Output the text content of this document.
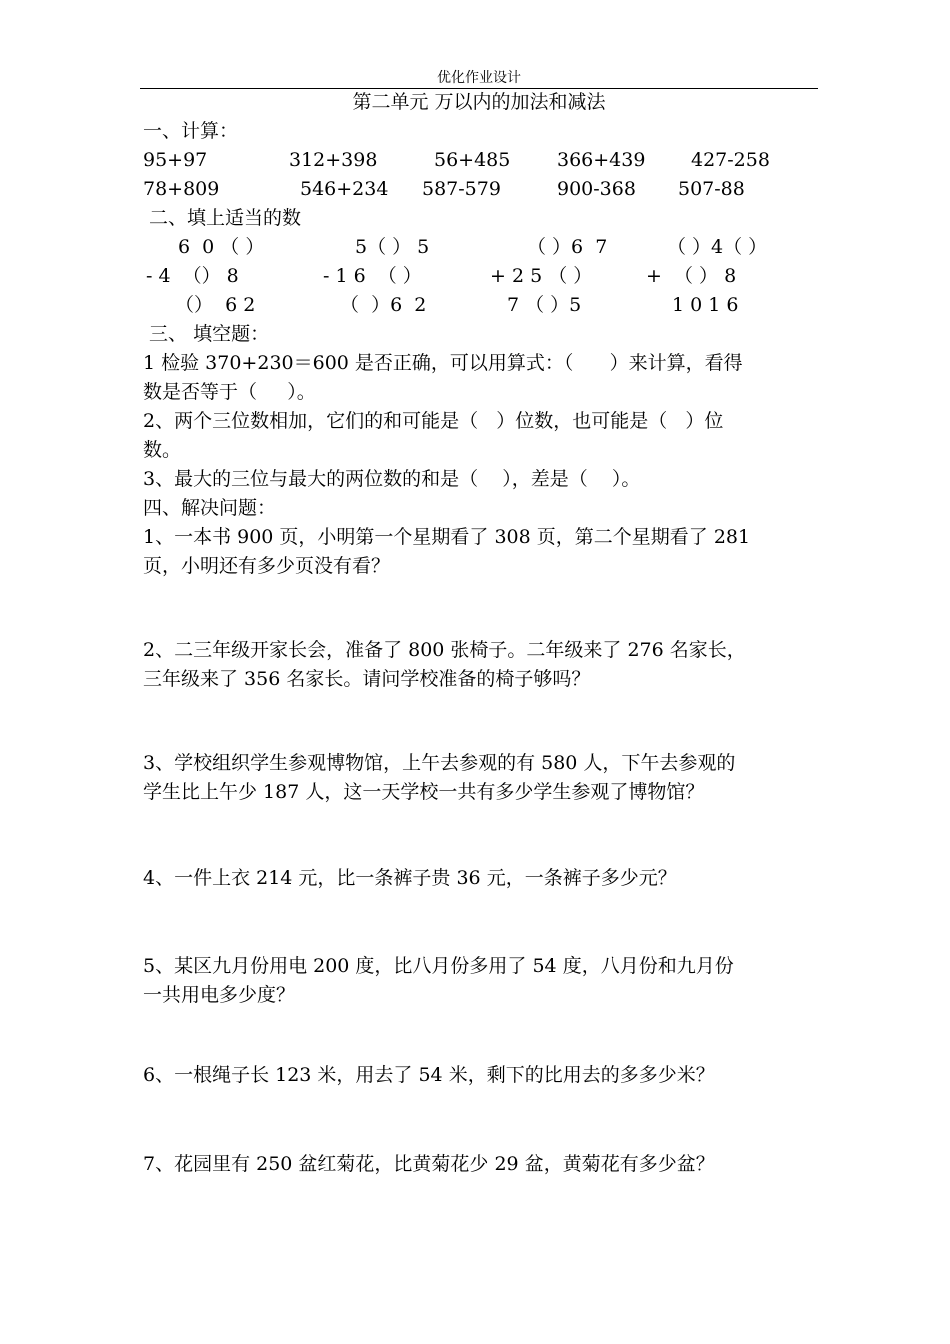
优化作业设计
第二单元 万以内的加法和减法
一、计算：
95+97	312+398	56+485 366+439 427-258
78+809	546+234 587-579	900-368 507-88
二、填上适当的数
6  0 （ ）	5（ ） 5	（ ）6  7	（ ）4（ ）
- 4  （） 8	- 1 6  （ ）	+ 2 5 （ ）	+  （ ） 8
（）  6 2	（  ）6  2	7 （ ）5	1 0 1 6
三、 填空题：
1 检验 370+230＝600 是否正确，可以用算式：（      ）来计算，看得
数是否等于（     ）。
2、两个三位数相加，它们的和可能是（   ）位数，也可能是（   ）位
数。
3、最大的三位与最大的两位数的和是（    ），差是（    ）。
四、解决问题：
1、一本书 900 页，小明第一个星期看了 308 页，第二个星期看了 281
页，小明还有多少页没有看？
2、二三年级开家长会，准备了 800 张椅子。二年级来了 276 名家长，
三年级来了 356 名家长。请问学校准备的椅子够吗？
3、学校组织学生参观博物馆，上午去参观的有 580 人，下午去参观的
学生比上午少 187 人，这一天学校一共有多少学生参观了博物馆？
4、一件上衣 214 元，比一条裤子贵 36 元，一条裤子多少元？
5、某区九月份用电 200 度，比八月份多用了 54 度，八月份和九月份
一共用电多少度？
6、一根绳子长 123 米，用去了 54 米，剩下的比用去的多多少米？
7、花园里有 250 盆红菊花，比黄菊花少 29 盆，黄菊花有多少盆？
